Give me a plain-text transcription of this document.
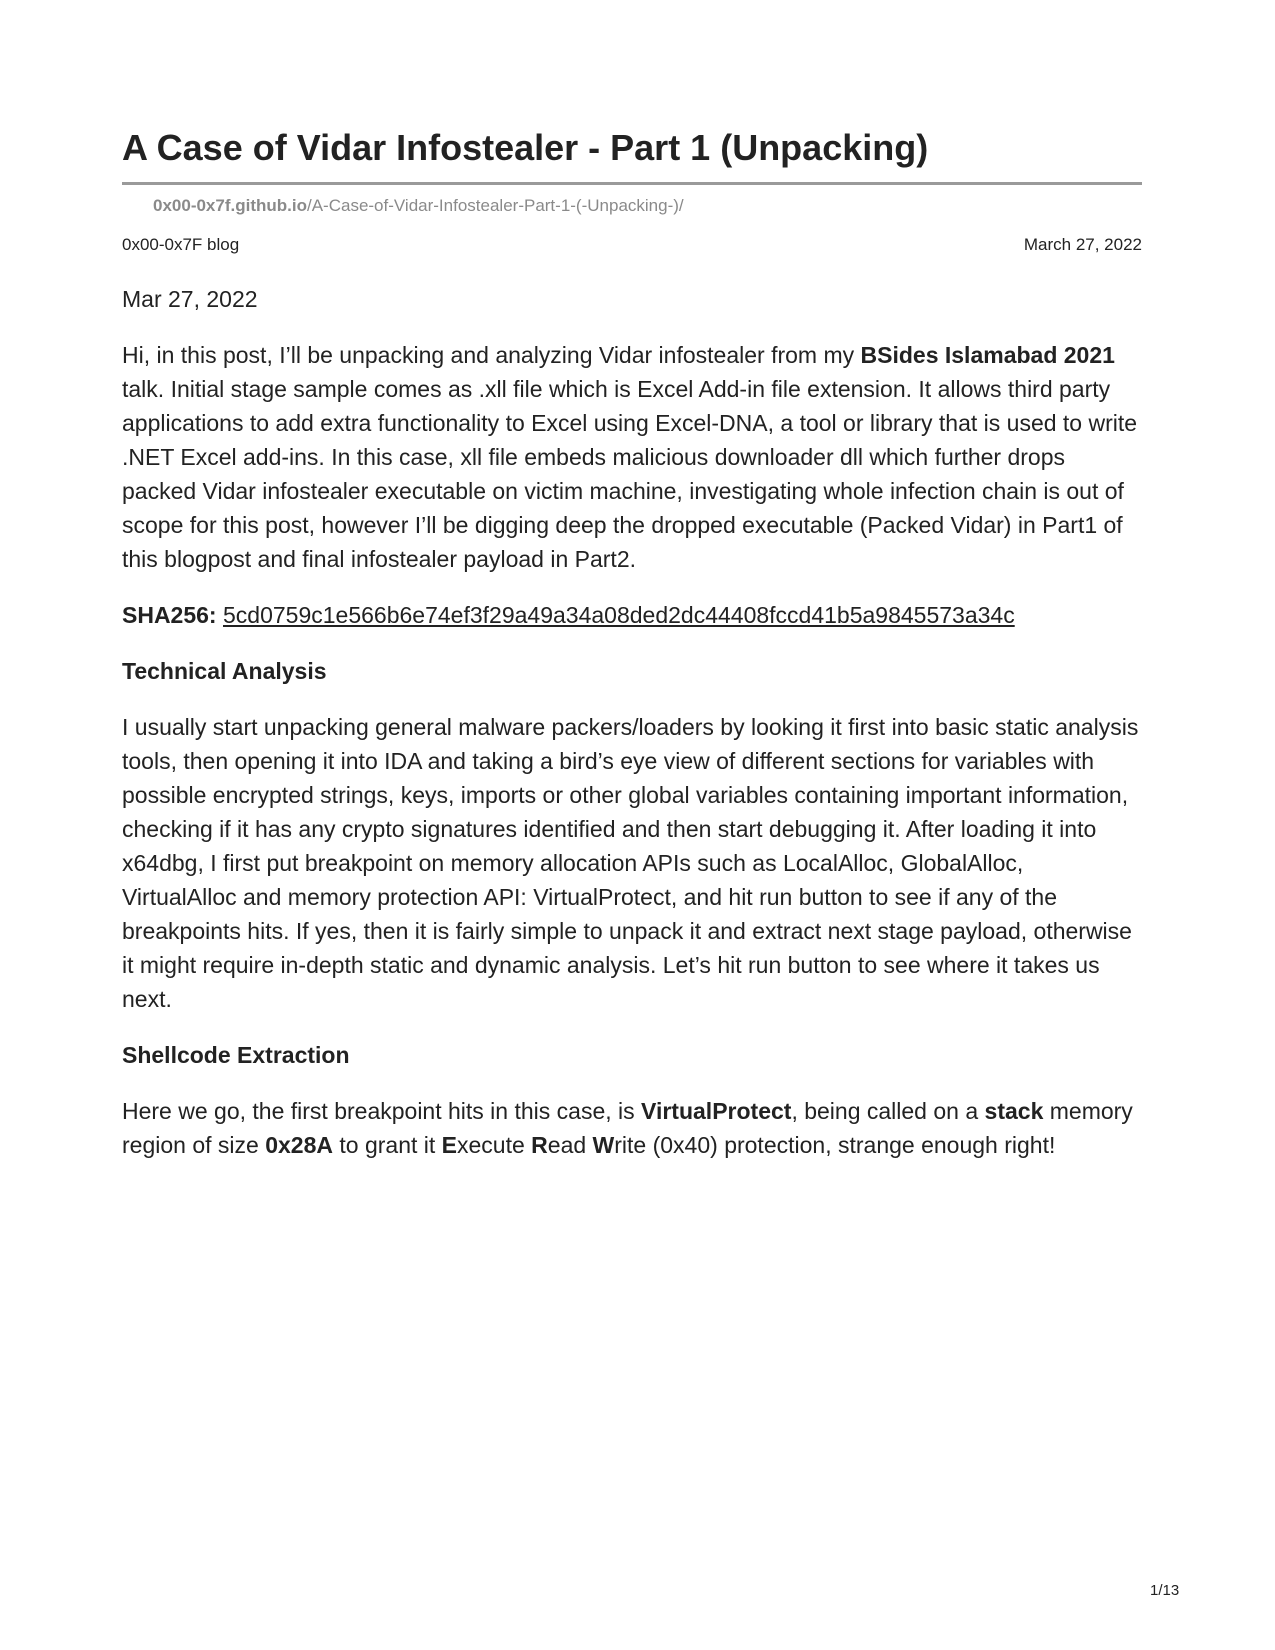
A Case of Vidar Infostealer - Part 1 (Unpacking)
0x00-0x7f.github.io/A-Case-of-Vidar-Infostealer-Part-1-(-Unpacking-)/
0x00-0x7F blog	March 27, 2022

Mar 27, 2022

Hi, in this post, I’ll be unpacking and analyzing Vidar infostealer from my BSides Islamabad 2021 talk. Initial stage sample comes as .xll file which is Excel Add-in file extension. It allows third party applications to add extra functionality to Excel using Excel-DNA, a tool or library that is used to write .NET Excel add-ins. In this case, xll file embeds malicious downloader dll which further drops packed Vidar infostealer executable on victim machine, investigating whole infection chain is out of scope for this post, however I’ll be digging deep the dropped executable (Packed Vidar) in Part1 of this blogpost and final infostealer payload in Part2.

SHA256: 5cd0759c1e566b6e74ef3f29a49a34a08ded2dc44408fccd41b5a9845573a34c

Technical Analysis

I usually start unpacking general malware packers/loaders by looking it first into basic static analysis tools, then opening it into IDA and taking a bird’s eye view of different sections for variables with possible encrypted strings, keys, imports or other global variables containing important information, checking if it has any crypto signatures identified and then start debugging it. After loading it into x64dbg, I first put breakpoint on memory allocation APIs such as LocalAlloc, GlobalAlloc, VirtualAlloc and memory protection API: VirtualProtect, and hit run button to see if any of the breakpoints hits. If yes, then it is fairly simple to unpack it and extract next stage payload, otherwise it might require in-depth static and dynamic analysis. Let’s hit run button to see where it takes us next.

Shellcode Extraction

Here we go, the first breakpoint hits in this case, is VirtualProtect, being called on a stack memory region of size 0x28A to grant it Execute Read Write (0x40) protection, strange enough right!

1/13
